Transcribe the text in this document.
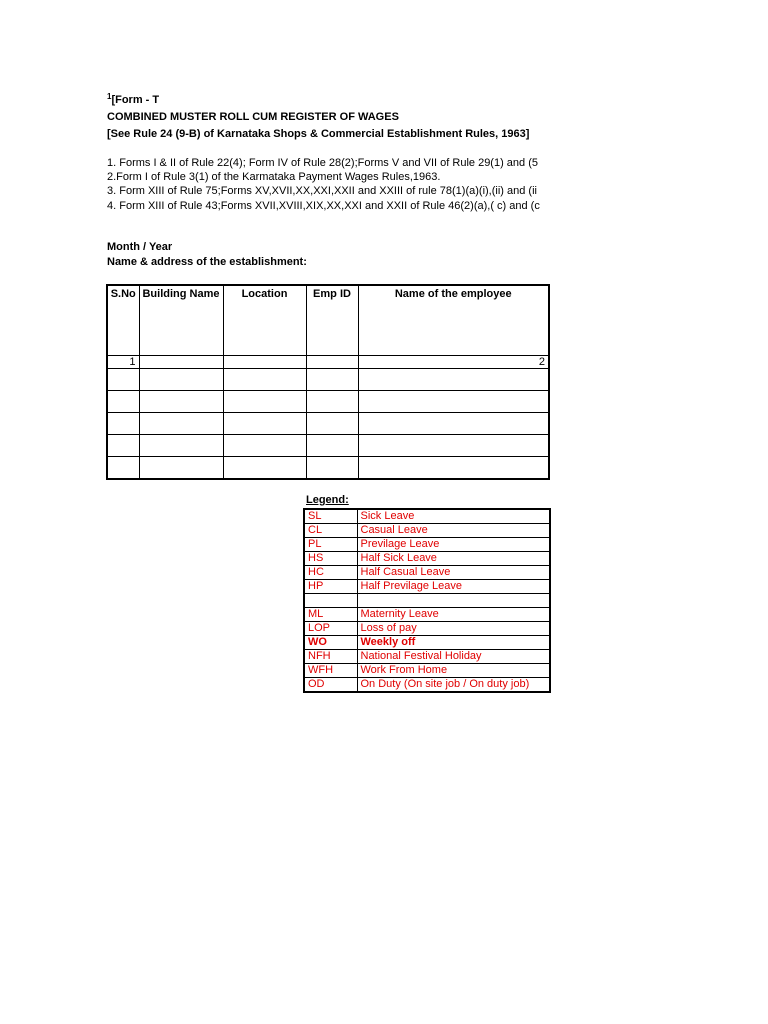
$^1$[Form - T
COMBINED MUSTER ROLL CUM REGISTER OF WAGES
[See Rule 24 (9-B) of Karnataka Shops & Commercial Establishment Rules, 1963]
1. Forms I & II of Rule 22(4); Form IV of Rule 28(2);Forms V and VII of Rule 29(1) and (5
2.Form I of Rule 3(1) of the Karmataka Payment Wages Rules,1963.
3. Form XIII of Rule 75;Forms XV,XVII,XX,XXI,XXII and XXIII of rule 78(1)(a)(i),(ii) and (ii
4. Form XIII of Rule 43;Forms XVII,XVIII,XIX,XX,XXI and XXII of Rule 46(2)(a),( c) and (c
Month / Year
Name & address of the establishment:
S.No	Building Name	Location	Emp ID	Name of the employee
1				2

Legend:
SL	Sick Leave
CL	Casual Leave
PL	Previlage Leave
HS	Half Sick Leave
HC	Half Casual Leave
HP	Half Previlage Leave

ML	Maternity Leave
LOP	Loss of pay
WO	Weekly off
NFH	National Festival Holiday
WFH	Work From Home
OD	On Duty (On site job / On duty job)
